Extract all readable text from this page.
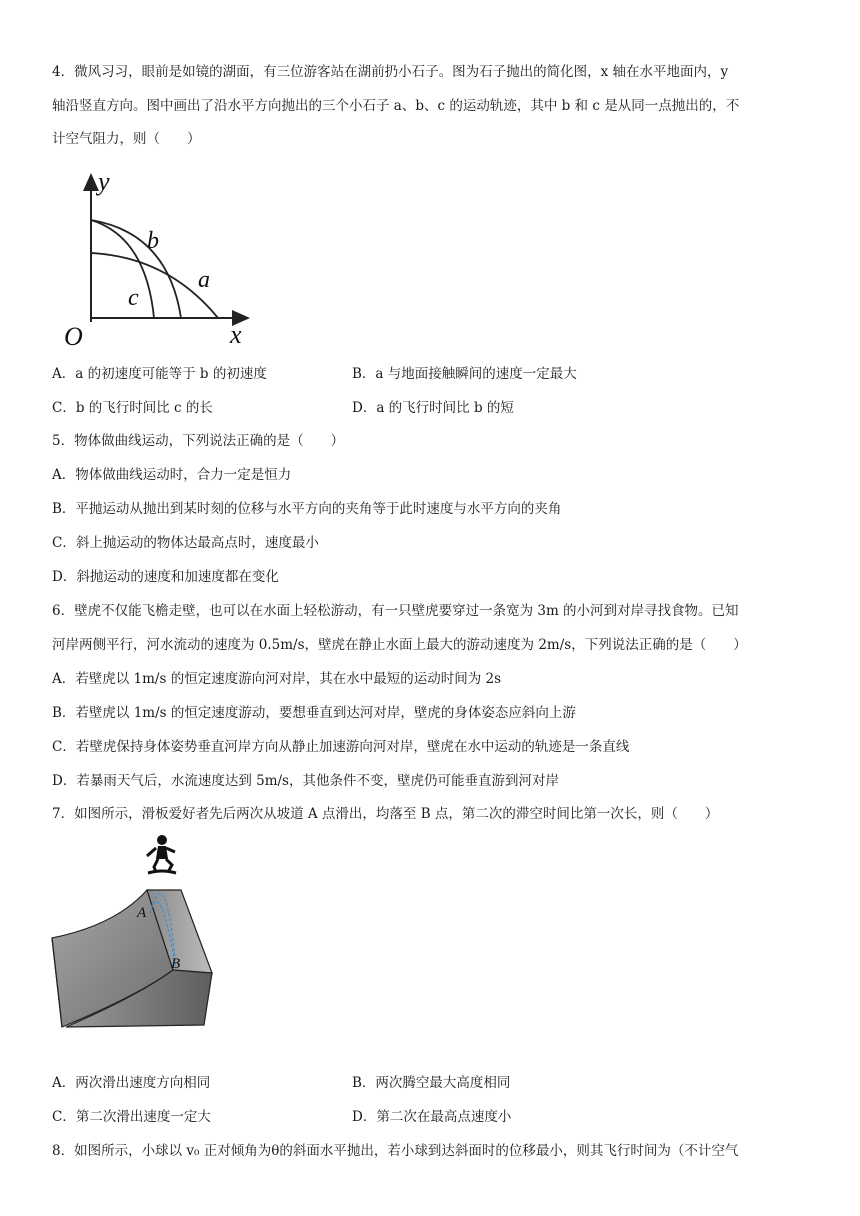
4．微风习习，眼前是如镜的湖面，有三位游客站在湖前扔小石子。图为石子抛出的简化图，x 轴在水平地面内，y
轴沿竖直方向。图中画出了沿水平方向抛出的三个小石子 a、b、c 的运动轨迹，其中 b 和 c 是从同一点抛出的，不
计空气阻力，则（　　）
y
b
a
c
O	x
A．a 的初速度可能等于 b 的初速度	B．a 与地面接触瞬间的速度一定最大
C．b 的飞行时间比 c 的长	D．a 的飞行时间比 b 的短
5．物体做曲线运动，下列说法正确的是（　　）
A．物体做曲线运动时，合力一定是恒力
B．平抛运动从抛出到某时刻的位移与水平方向的夹角等于此时速度与水平方向的夹角
C．斜上抛运动的物体达最高点时，速度最小
D．斜抛运动的速度和加速度都在变化
6．壁虎不仅能飞檐走壁，也可以在水面上轻松游动，有一只壁虎要穿过一条宽为 3m 的小河到对岸寻找食物。已知
河岸两侧平行，河水流动的速度为 0.5m/s，壁虎在静止水面上最大的游动速度为 2m/s，下列说法正确的是（　　）
A．若壁虎以 1m/s 的恒定速度游向河对岸，其在水中最短的运动时间为 2s
B．若壁虎以 1m/s 的恒定速度游动，要想垂直到达河对岸，壁虎的身体姿态应斜向上游
C．若壁虎保持身体姿势垂直河岸方向从静止加速游向河对岸，壁虎在水中运动的轨迹是一条直线
D．若暴雨天气后，水流速度达到 5m/s，其他条件不变，壁虎仍可能垂直游到河对岸
7．如图所示，滑板爱好者先后两次从坡道 A 点滑出，均落至 B 点，第二次的滞空时间比第一次长，则（　　）
A
B
A．两次滑出速度方向相同	B．两次腾空最大高度相同
C．第二次滑出速度一定大	D．第二次在最高点速度小
8．如图所示，小球以 v₀ 正对倾角为θ的斜面水平抛出，若小球到达斜面时的位移最小，则其飞行时间为（不计空气
